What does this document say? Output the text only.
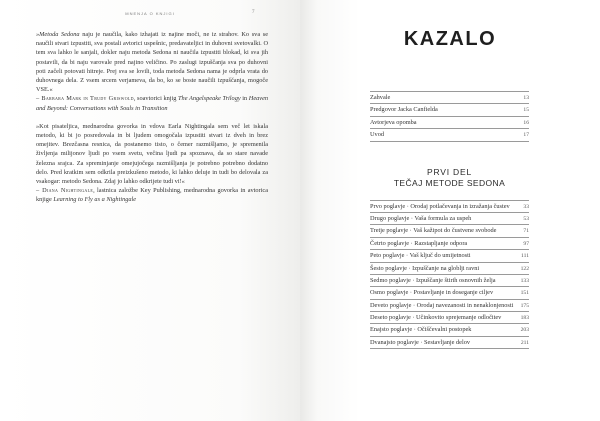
MNENJA O KNJIGI	7

»Metoda Sedona naju je naučila, kako izhajati iz najine moči, ne iz strahov. Ko sva se naučili stvari izpustiti, sva postali avtorici uspešnic, predavateljici in duhovni svetovalki. O tem sva lahko le sanjali, dokler naju metoda Sedona ni naučila izpustiti blokad, ki sva jih postavili, da bi naju varovale pred najino veličino. Po zaslugi izpuščanja sva po duhovni poti začeli potovati hitreje. Prej sva se lovili, toda metoda Sedona nama je odprla vrata do duhovnega dela. Z vsem srcem verjameva, da bo, ko se boste naučili izpuščanja, mogoče VSE.«

– Barbara Mark in Trudy Griswold, soavtorici knjig The Angelspeake Trilogy in Heaven and Beyond: Conversations with Souls in Transition

»Kot pisateljica, mednarodna govorka in vdova Earla Nightingala sem več let iskala metodo, ki bi jo posredovala in bi ljudem omogočala izpustiti stvari iz dveh in brez omejitev. Brezčasna resnica, da postanemo tisto, o čemer razmišljamo, je spremenila življenja milijonov ljudi po vsem svetu, večina ljudi pa spoznava, da so stare navade železna srajca. Za spreminjanje omejujočega razmišljanja je potrebno potrebno dodatno delo. Pred kratkim sem odkrila preizkušeno metodo, ki lahko deluje in tudi bo delovala za vsakogar: metodo Sedona. Zdaj jo lahko odkrijete tudi vi!«

– Diana Nightingale, lastnica založbe Key Publishing, mednarodna govorka in avtorica knjige Learning to Fly as a Nightingale

KAZALO
Zahvale	13
Predgovor Jacka Canfielda	15
Avtorjeva opomba	16
Uvod	17
PRVI DEL
TEČAJ METODE SEDONA
Prvo poglavje · Orodaj potlačevanja in izražanja čustev 33
Drugo poglavje · Vaša formula za uspeh	53
Tretje poglavje · Vaš kažipot do čustvene svobode	71
Četrto poglavje · Razstapljanje odpora	97
Peto poglavje · Vaš ključ do umijetnosti	111
Šesto poglavje · Izpuščanje na globlji ravni	122
Sedmo poglavje · Izpuščanje štirih osnovnih želja	133
Osmo poglavje · Postavljanje in doseganje ciljev	151
Deveto poglavje · Orodaj navezanosti in nenaklonjenosti 175
Deseto poglavje · Učinkovito sprejemanje odločitev	183
Enajsto poglavje · Očiščevalni postopek	203
Dvanajsto poglavje · Sestavljanje delov	211
